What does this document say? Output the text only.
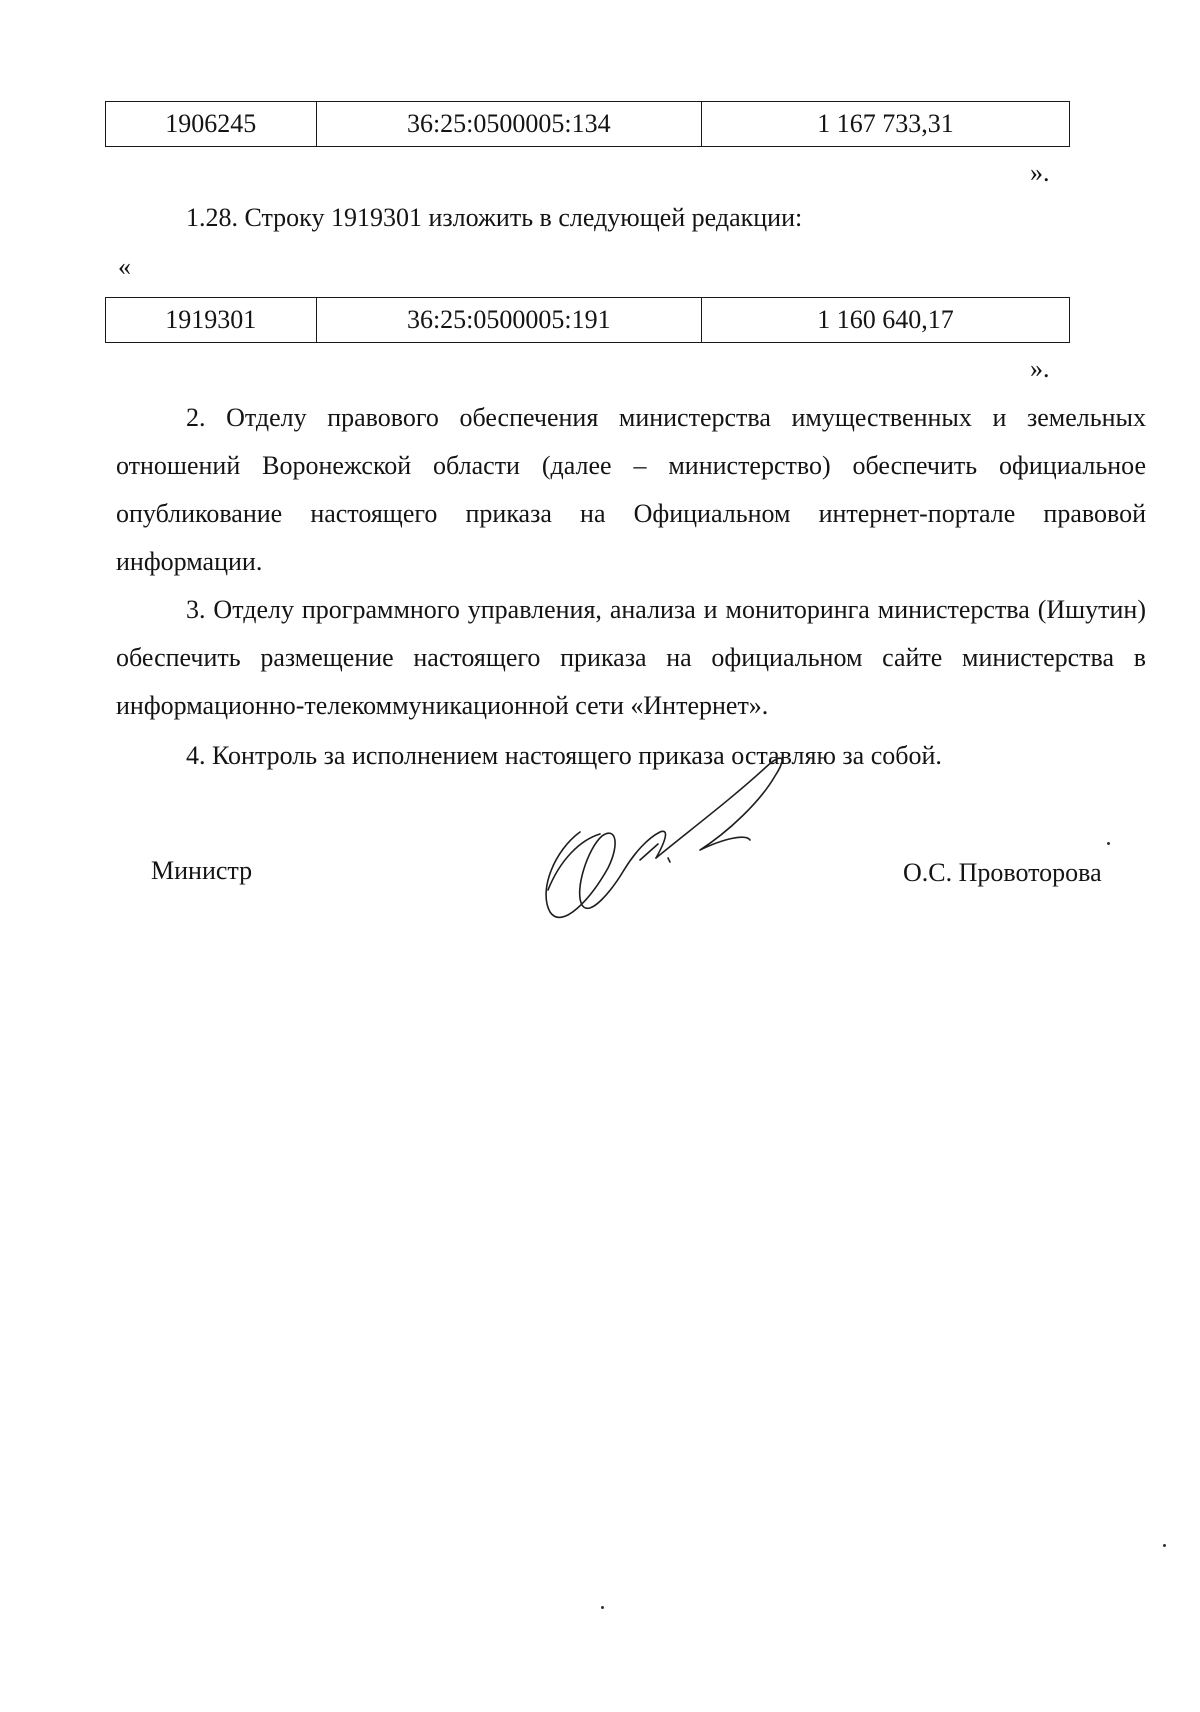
1906245	36:25:0500005:134	1 167 733,31
».

1.28. Строку 1919301 изложить в следующей редакции:

«
1919301	36:25:0500005:191	1 160 640,17
».

2. Отделу правового обеспечения министерства имущественных и земельных отношений Воронежской области (далее – министерство) обеспечить официальное опубликование настоящего приказа на Официальном интернет-портале правовой информации.

3. Отделу программного управления, анализа и мониторинга министерства (Ишутин) обеспечить размещение настоящего приказа на официальном сайте министерства в информационно-телекоммуникационной сети «Интернет».

4. Контроль за исполнением настоящего приказа оставляю за собой.

Министр	О.С. Провоторова
